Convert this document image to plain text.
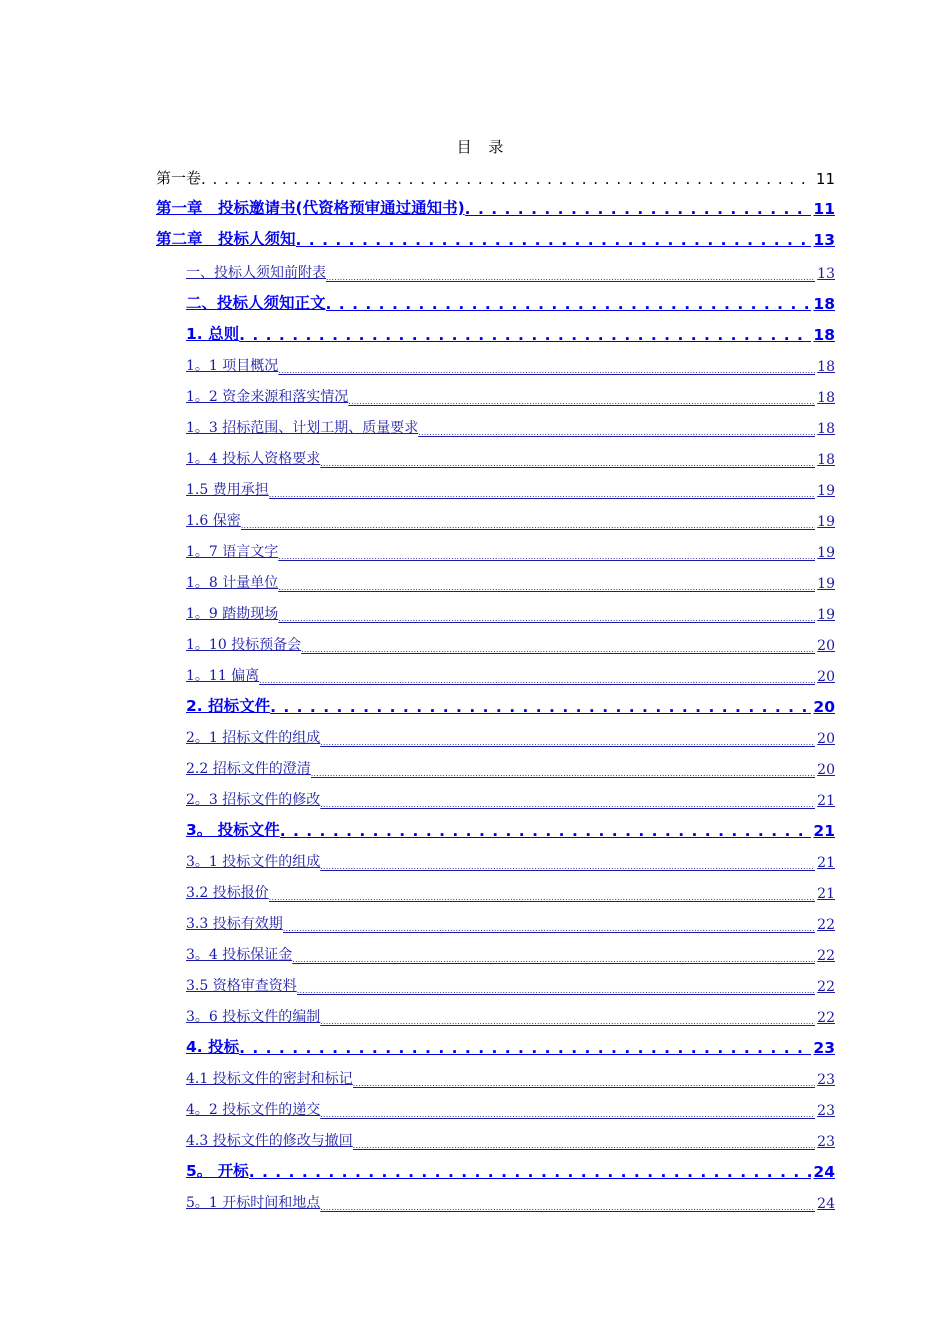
目 录
第一卷 . . .	11
第一章　投标邀请书(代资格预审通过通知书) . . .	11
第二章　投标人须知 . . .	13
一、投标人须知前附表 .....	13
二、投标人须知正文 . . .	18
1. 总则 . . .	18
1。1 项目概况 .....	18
1。2 资金来源和落实情况 .....	18
1。3 招标范围、计划工期、质量要求 .....	18
1。4 投标人资格要求 .....	18
1.5 费用承担 .....	19
1.6 保密 .....	19
1。7 语言文字 .....	19
1。8 计量单位 .....	19
1。9 踏勘现场 .....	19
1。10 投标预备会 .....	20
1。11 偏离 .....	20
2. 招标文件 . . .	20
2。1 招标文件的组成 .....	20
2.2 招标文件的澄清 .....	20
2。3 招标文件的修改 .....	21
3。 投标文件 . . .	21
3。1 投标文件的组成 .....	21
3.2 投标报价 .....	21
3.3 投标有效期 .....	22
3。4 投标保证金 .....	22
3.5 资格审查资料 .....	22
3。6 投标文件的编制 .....	22
4. 投标 . . .	23
4.1 投标文件的密封和标记 .....	23
4。2 投标文件的递交 .....	23
4.3 投标文件的修改与撤回 .....	23
5。 开标 . . .	24
5。1 开标时间和地点 .....	24
